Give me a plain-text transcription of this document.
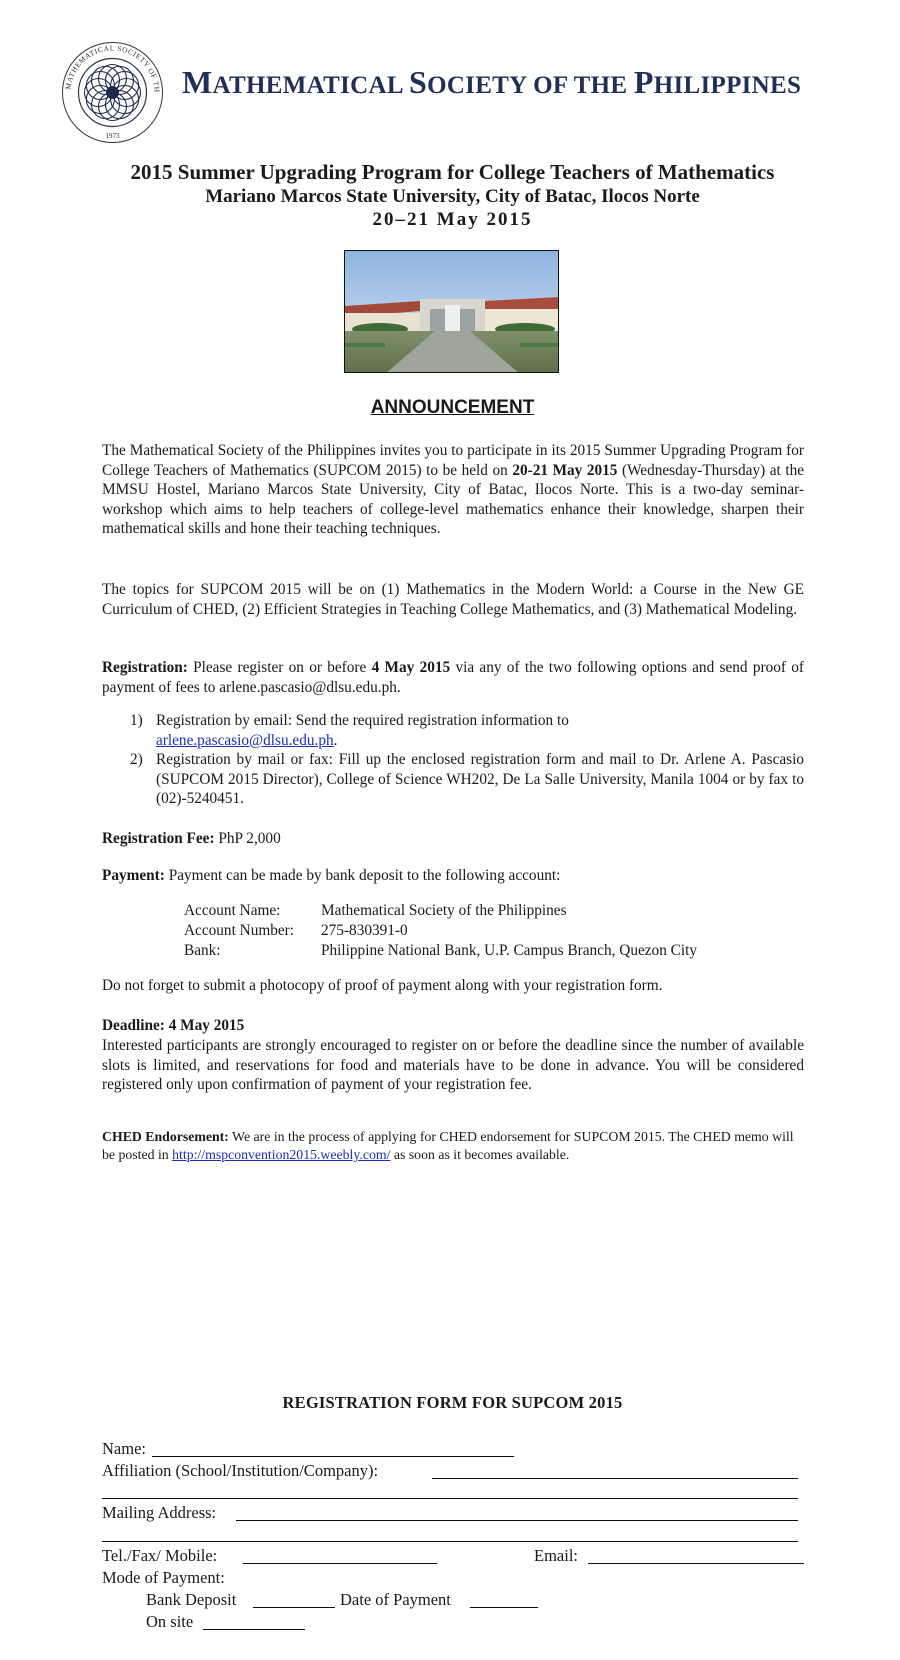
MATHEMATICAL SOCIETY OF TH
1973
MATHEMATICAL SOCIETY OF THE PHILIPPINES
2015 Summer Upgrading Program for College Teachers of Mathematics
Mariano Marcos State University, City of Batac, Ilocos Norte
20–21 May 2015
ANNOUNCEMENT
The Mathematical Society of the Philippines invites you to participate in its 2015 Summer Upgrading Program for College Teachers of Mathematics (SUPCOM 2015) to be held on 20-21 May 2015 (Wednesday-Thursday) at the MMSU Hostel, Mariano Marcos State University, City of Batac, Ilocos Norte. This is a two-day seminar-workshop which aims to help teachers of college-level mathematics enhance their knowledge, sharpen their mathematical skills and hone their teaching techniques.
The topics for SUPCOM 2015 will be on (1) Mathematics in the Modern World: a Course in the New GE Curriculum of CHED, (2) Efficient Strategies in Teaching College Mathematics, and (3) Mathematical Modeling.
Registration: Please register on or before 4 May 2015 via any of the two following options and send proof of payment of fees to arlene.pascasio@dlsu.edu.ph.
1) Registration by email: Send the required registration information to
arlene.pascasio@dlsu.edu.ph.
2) Registration by mail or fax: Fill up the enclosed registration form and mail to Dr. Arlene A. Pascasio (SUPCOM 2015 Director), College of Science WH202, De La Salle University, Manila 1004 or by fax to (02)-5240451.
Registration Fee: PhP 2,000
Payment: Payment can be made by bank deposit to the following account:
Account Name:	Mathematical Society of the Philippines
Account Number: 275-830391-0
Bank:	Philippine National Bank, U.P. Campus Branch, Quezon City
Do not forget to submit a photocopy of proof of payment along with your registration form.
Deadline: 4 May 2015
Interested participants are strongly encouraged to register on or before the deadline since the number of available slots is limited, and reservations for food and materials have to be done in advance. You will be considered registered only upon confirmation of payment of your registration fee.
CHED Endorsement: We are in the process of applying for CHED endorsement for SUPCOM 2015. The CHED memo will be posted in http://mspconvention2015.weebly.com/ as soon as it becomes available.
REGISTRATION FORM FOR SUPCOM 2015
Name:
Affiliation (School/Institution/Company):
Mailing Address:
Tel./Fax/ Mobile:	Email:
Mode of Payment:
Bank Deposit	Date of Payment
On site
